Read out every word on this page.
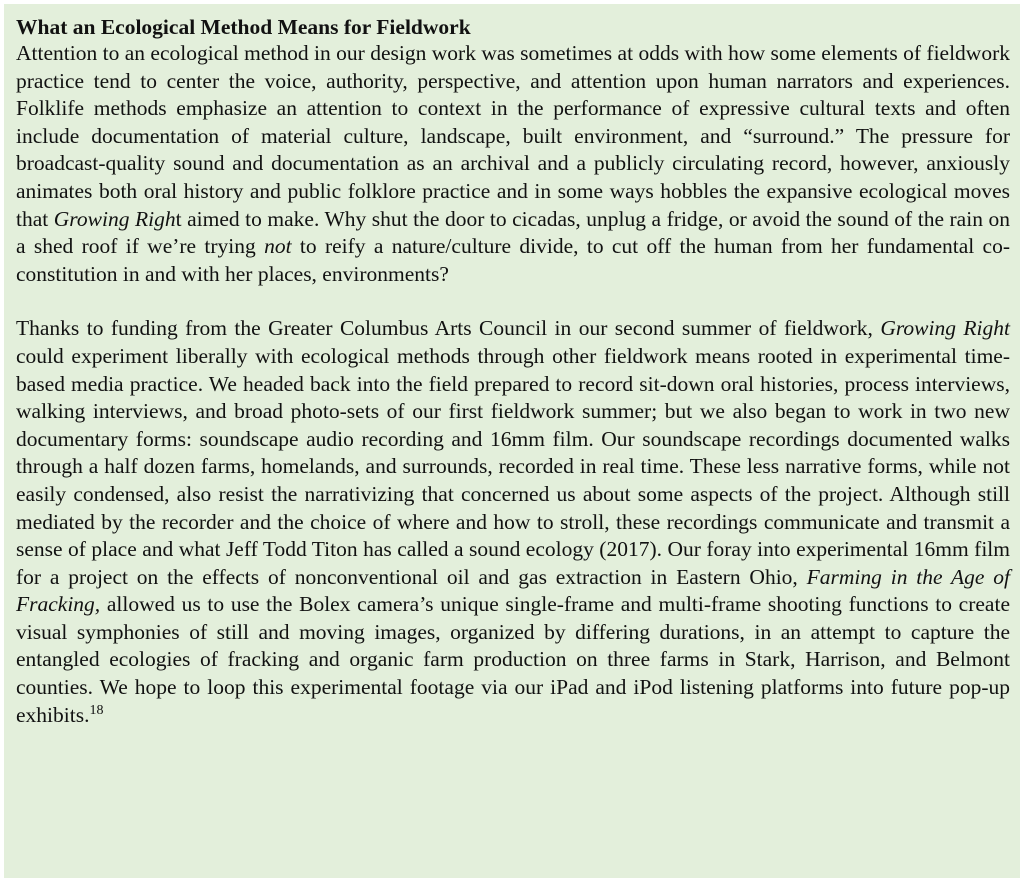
What an Ecological Method Means for Fieldwork

Attention to an ecological method in our design work was sometimes at odds with how some elements of fieldwork practice tend to center the voice, authority, perspective, and attention upon human narrators and experiences. Folklife methods emphasize an attention to context in the performance of expressive cultural texts and often include documentation of material culture, landscape, built environment, and “surround.” The pressure for broadcast-quality sound and documentation as an archival and a publicly circulating record, however, anxiously animates both oral history and public folklore practice and in some ways hobbles the expansive ecological moves that Growing Right aimed to make. Why shut the door to cicadas, unplug a fridge, or avoid the sound of the rain on a shed roof if we’re trying not to reify a nature/culture divide, to cut off the human from her fundamental co-constitution in and with her places, environments?

Thanks to funding from the Greater Columbus Arts Council in our second summer of fieldwork, Growing Right could experiment liberally with ecological methods through other fieldwork means rooted in experimental time-based media practice. We headed back into the field prepared to record sit-down oral histories, process interviews, walking interviews, and broad photo-sets of our first fieldwork summer; but we also began to work in two new documentary forms: soundscape audio recording and 16mm film. Our soundscape recordings documented walks through a half dozen farms, homelands, and surrounds, recorded in real time. These less narrative forms, while not easily condensed, also resist the narrativizing that concerned us about some aspects of the project. Although still mediated by the recorder and the choice of where and how to stroll, these recordings communicate and transmit a sense of place and what Jeff Todd Titon has called a sound ecology (2017). Our foray into experimental 16mm film for a project on the effects of nonconventional oil and gas extraction in Eastern Ohio, Farming in the Age of Fracking, allowed us to use the Bolex camera’s unique single-frame and multi-frame shooting functions to create visual symphonies of still and moving images, organized by differing durations, in an attempt to capture the entangled ecologies of fracking and organic farm production on three farms in Stark, Harrison, and Belmont counties. We hope to loop this experimental footage via our iPad and iPod listening platforms into future pop-up exhibits.$^{18}$
